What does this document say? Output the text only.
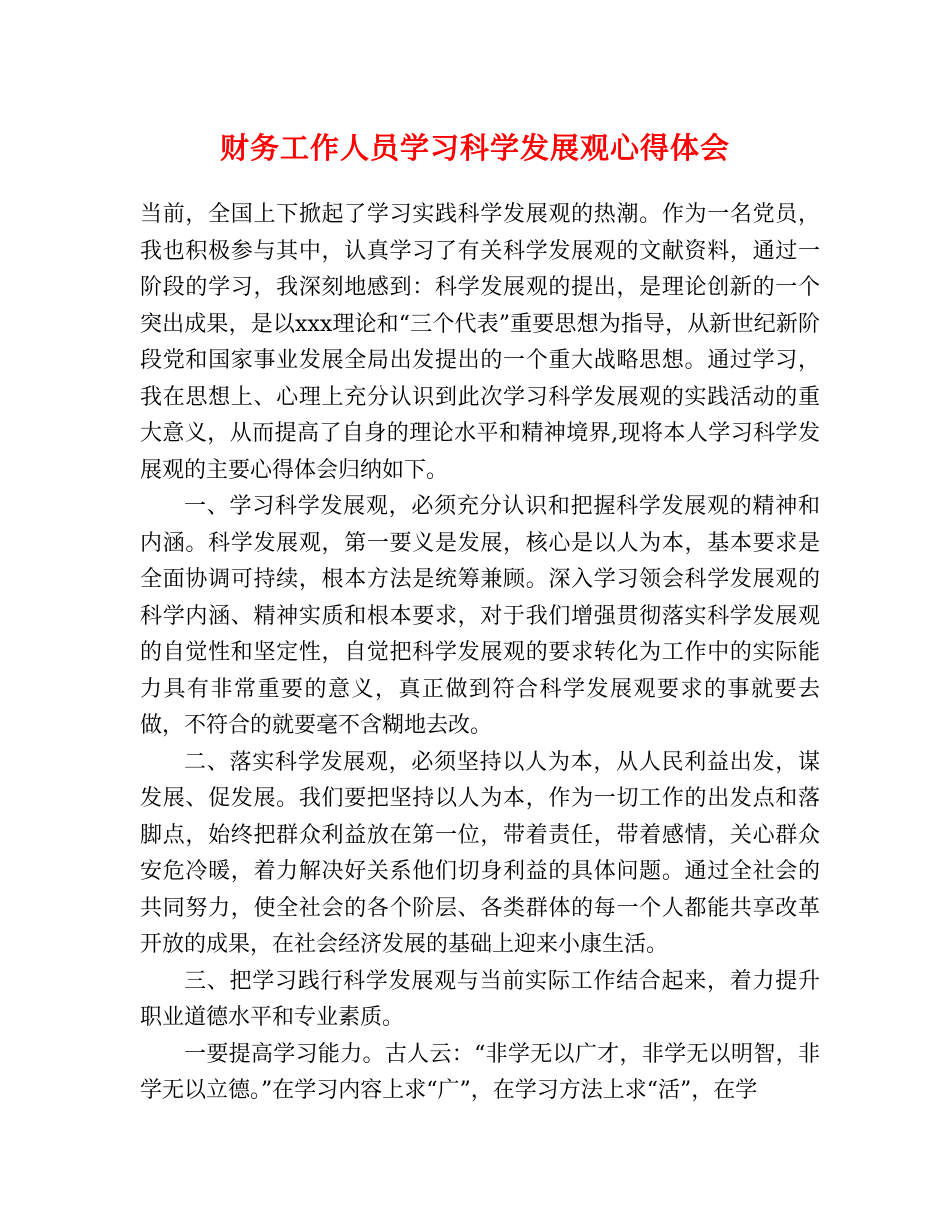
财务工作人员学习科学发展观心得体会

当前，全国上下掀起了学习实践科学发展观的热潮。作为一名党员，我也积极参与其中，认真学习了有关科学发展观的文献资料，通过一阶段的学习，我深刻地感到：科学发展观的提出，是理论创新的一个突出成果，是以xxx理论和“三个代表”重要思想为指导，从新世纪新阶段党和国家事业发展全局出发提出的一个重大战略思想。通过学习，我在思想上、心理上充分认识到此次学习科学发展观的实践活动的重大意义，从而提高了自身的理论水平和精神境界,现将本人学习科学发展观的主要心得体会归纳如下。

一、学习科学发展观，必须充分认识和把握科学发展观的精神和内涵。科学发展观，第一要义是发展，核心是以人为本，基本要求是全面协调可持续，根本方法是统筹兼顾。深入学习领会科学发展观的科学内涵、精神实质和根本要求，对于我们增强贯彻落实科学发展观的自觉性和坚定性，自觉把科学发展观的要求转化为工作中的实际能力具有非常重要的意义，真正做到符合科学发展观要求的事就要去做，不符合的就要毫不含糊地去改。

二、落实科学发展观，必须坚持以人为本，从人民利益出发，谋发展、促发展。我们要把坚持以人为本，作为一切工作的出发点和落脚点，始终把群众利益放在第一位，带着责任，带着感情，关心群众安危冷暖，着力解决好关系他们切身利益的具体问题。通过全社会的共同努力，使全社会的各个阶层、各类群体的每一个人都能共享改革开放的成果，在社会经济发展的基础上迎来小康生活。

三、把学习践行科学发展观与当前实际工作结合起来，着力提升职业道德水平和专业素质。

一要提高学习能力。古人云：“非学无以广才，非学无以明智，非学无以立德。”在学习内容上求“广”，在学习方法上求“活”，在学
